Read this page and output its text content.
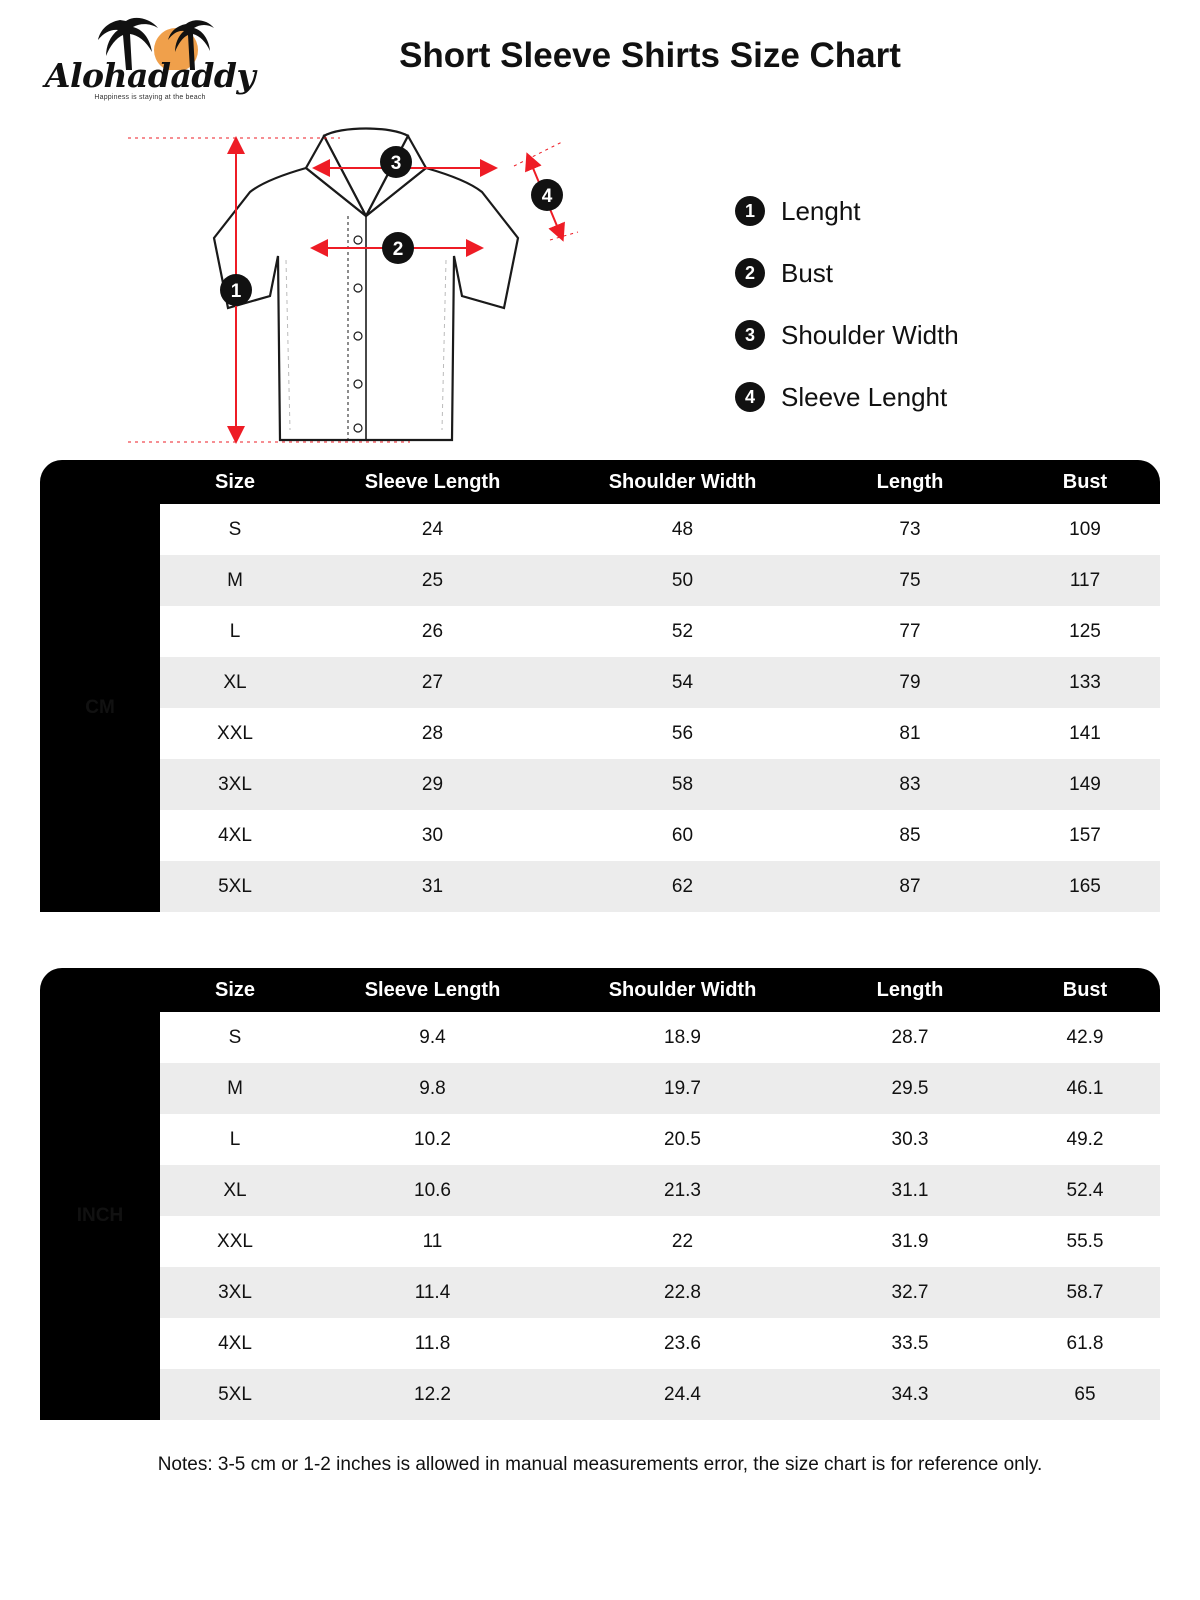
Alohadaddy
Happiness is staying at the beach
Short Sleeve Shirts Size Chart
1
2
3
4
1	Lenght
2	Bust
3	Shoulder Width
4	Sleeve Lenght
	Size	Sleeve Length	Shoulder Width	Length	Bust
CM	S	24	48	73	109
	M	25	50	75	117
	L	26	52	77	125
	XL	27	54	79	133
	XXL	28	56	81	141
	3XL	29	58	83	149
	4XL	30	60	85	157
	5XL	31	62	87	165
	Size	Sleeve Length	Shoulder Width	Length	Bust
INCH	S	9.4	18.9	28.7	42.9
	M	9.8	19.7	29.5	46.1
	L	10.2	20.5	30.3	49.2
	XL	10.6	21.3	31.1	52.4
	XXL	11	22	31.9	55.5
	3XL	11.4	22.8	32.7	58.7
	4XL	11.8	23.6	33.5	61.8
	5XL	12.2	24.4	34.3	65
Notes: 3-5 cm or 1-2 inches is allowed in manual measurements error, the size chart is for reference only.
